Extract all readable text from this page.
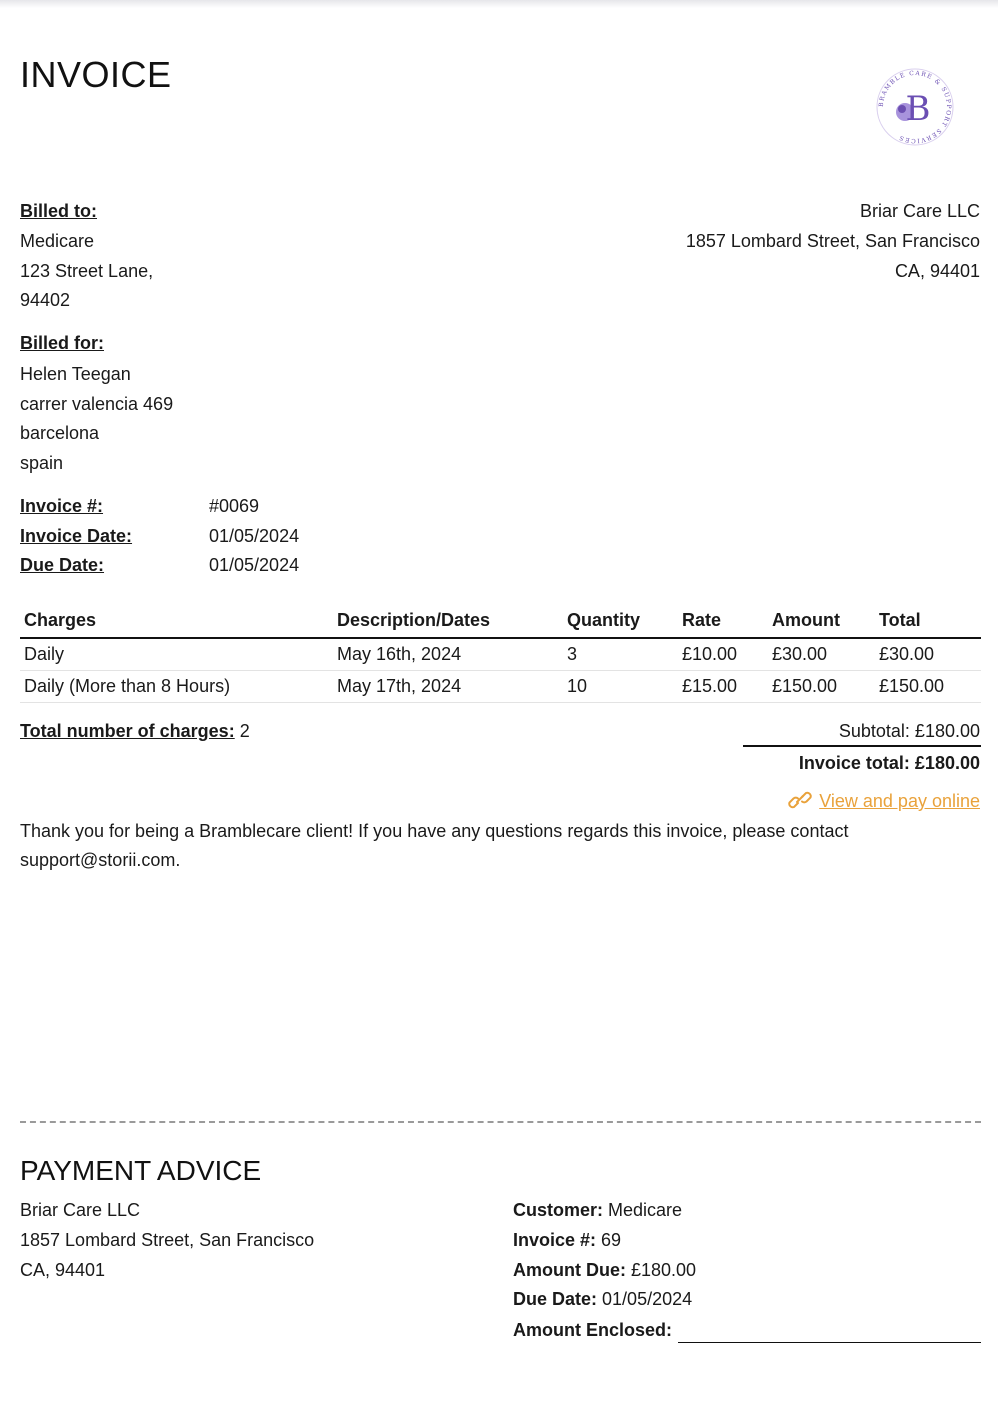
INVOICE
BRAMBLE CARE & SUPPORT SERVICES
B
Billed to:
Medicare
123 Street Lane,
94402
Briar Care LLC
1857 Lombard Street, San Francisco
CA, 94401
Billed for:
Helen Teegan
carrer valencia 469
barcelona
spain
Invoice #:	#0069
Invoice Date:	01/05/2024
Due Date:	01/05/2024
Charges	Description/Dates	Quantity	Rate	Amount	Total
Daily	May 16th, 2024	3	£10.00	£30.00	£30.00
Daily (More than 8 Hours)	May 17th, 2024	10	£15.00	£150.00	£150.00
Total number of charges: 2	Subtotal: £180.00
Invoice total: £180.00
View and pay online
Thank you for being a Bramblecare client! If you have any questions regards this invoice, please contact
support@storii.com.
PAYMENT ADVICE
Briar Care LLC
1857 Lombard Street, San Francisco
CA, 94401
Customer: Medicare
Invoice #: 69
Amount Due: £180.00
Due Date: 01/05/2024
Amount Enclosed:
